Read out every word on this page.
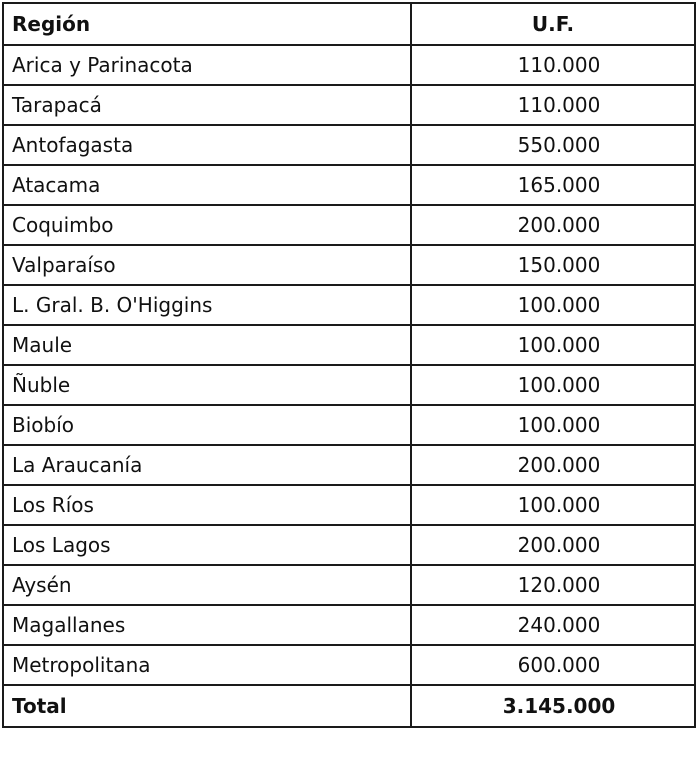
Región	U.F.
Arica y Parinacota	110.000
Tarapacá	110.000
Antofagasta	550.000
Atacama	165.000
Coquimbo	200.000
Valparaíso	150.000
L. Gral. B. O'Higgins	100.000
Maule	100.000
Ñuble	100.000
Biobío	100.000
La Araucanía	200.000
Los Ríos	100.000
Los Lagos	200.000
Aysén	120.000
Magallanes	240.000
Metropolitana	600.000
Total	3.145.000
